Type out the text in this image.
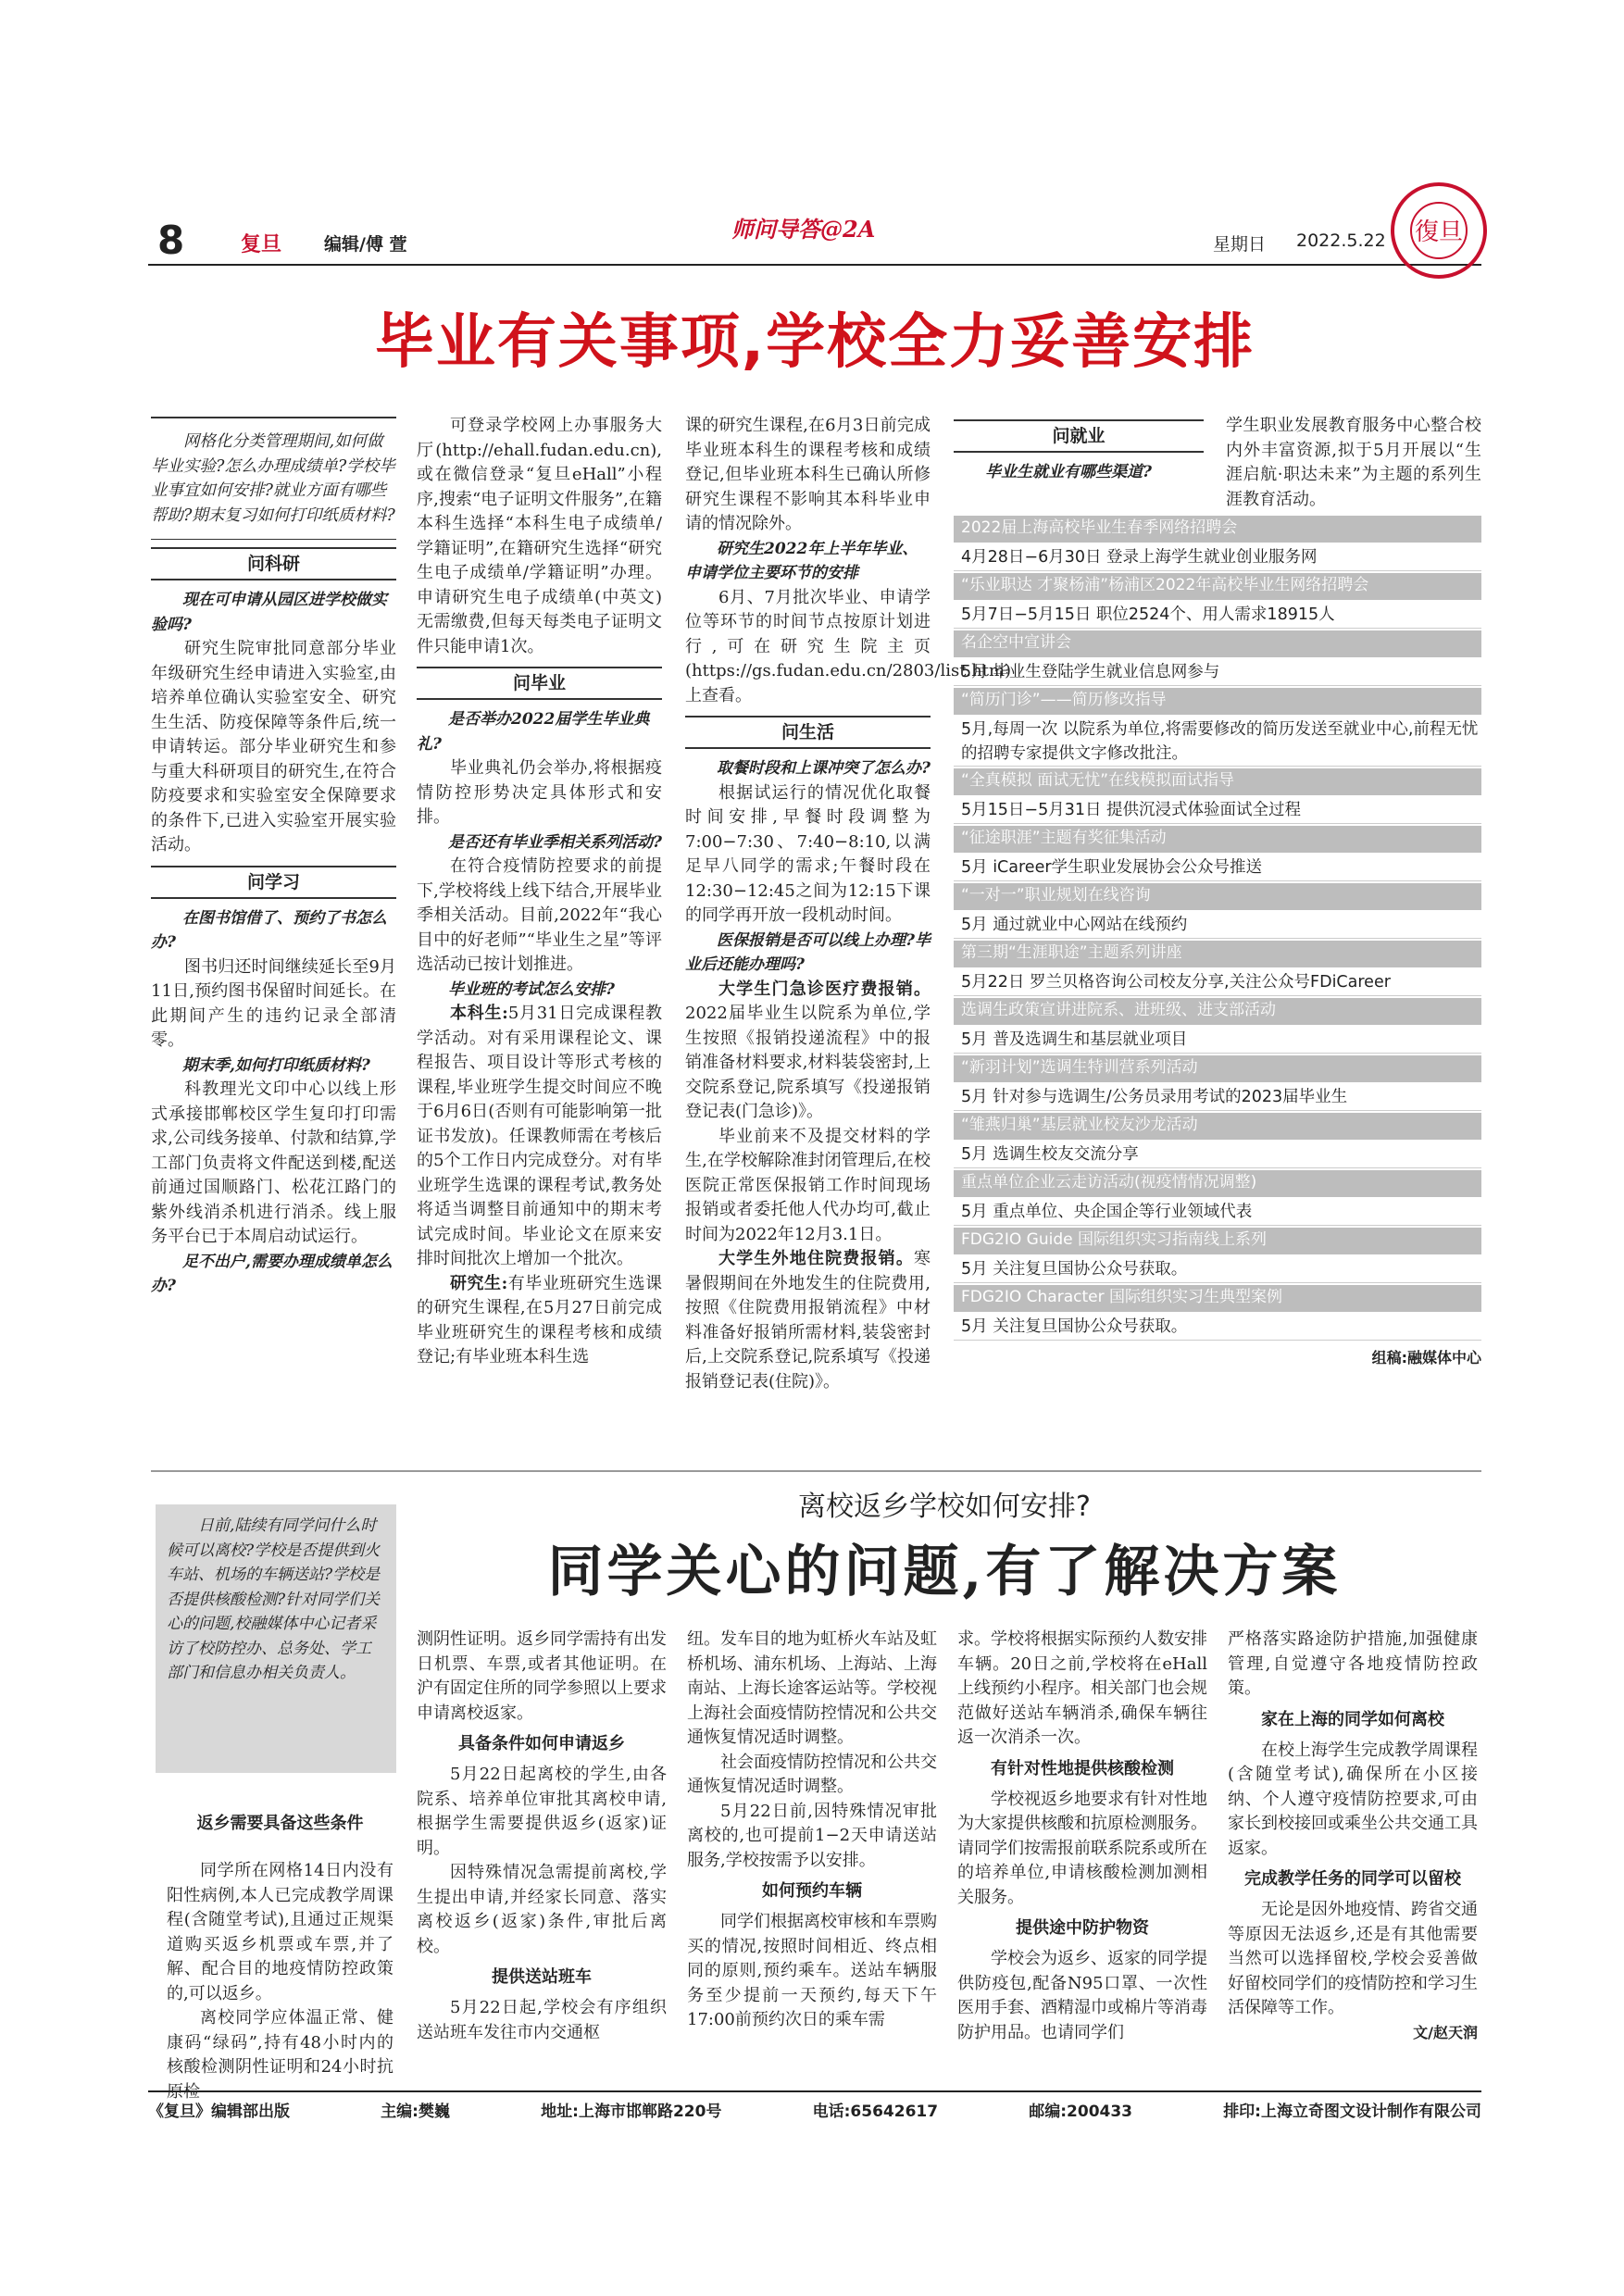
8	复旦 编辑/傅 萱	星期日 2022.5.22
师问导答@2A	復旦
毕业有关事项,学校全力妥善安排
网格化分类管理期间,如何做毕业实验?怎么办理成绩单?学校毕业事宜如何安排?就业方面有哪些帮助?期末复习如何打印纸质材料?
问科研
现在可申请从园区进学校做实验吗?
研究生院审批同意部分毕业年级研究生经申请进入实验室,由培养单位确认实验室安全、研究生生活、防疫保障等条件后,统一申请转运。部分毕业研究生和参与重大科研项目的研究生,在符合防疫要求和实验室安全保障要求的条件下,已进入实验室开展实验活动。
问学习
在图书馆借了、预约了书怎么办?
图书归还时间继续延长至9月11日,预约图书保留时间延长。在此期间产生的违约记录全部清零。
期末季,如何打印纸质材料?
科教理光文印中心以线上形式承接邯郸校区学生复印打印需求,公司线务接单、付款和结算,学工部门负责将文件配送到楼,配送前通过国顺路门、松花江路门的紫外线消杀机进行消杀。线上服务平台已于本周启动试运行。
足不出户,需要办理成绩单怎么办?
可登录学校网上办事服务大厅(http://ehall.fudan.edu.cn),或在微信登录“复旦eHall”小程序,搜索“电子证明文件服务”,在籍本科生选择“本科生电子成绩单/学籍证明”,在籍研究生选择“研究生电子成绩单/学籍证明”办理。申请研究生电子成绩单(中英文)无需缴费,但每天每类电子证明文件只能申请1次。
问毕业
是否举办2022届学生毕业典礼?
毕业典礼仍会举办,将根据疫情防控形势决定具体形式和安排。
是否还有毕业季相关系列活动?
在符合疫情防控要求的前提下,学校将线上线下结合,开展毕业季相关活动。目前,2022年“我心目中的好老师”“毕业生之星”等评选活动已按计划推进。
毕业班的考试怎么安排?
本科生:5月31日完成课程教学活动。对有采用课程论文、课程报告、项目设计等形式考核的课程,毕业班学生提交时间应不晚于6月6日(否则有可能影响第一批证书发放)。任课教师需在考核后的5个工作日内完成登分。对有毕业班学生选课的课程考试,教务处将适当调整目前通知中的期末考试完成时间。毕业论文在原来安排时间批次上增加一个批次。
研究生:有毕业班研究生选课的研究生课程,在5月27日前完成毕业班研究生的课程考核和成绩登记;有毕业班本科生选
课的研究生课程,在6月3日前完成毕业班本科生的课程考核和成绩登记,但毕业班本科生已确认所修研究生课程不影响其本科毕业申请的情况除外。
研究生2022年上半年毕业、申请学位主要环节的安排
6月、7月批次毕业、申请学位等环节的时间节点按原计划进行,可在研究生院主页(https://gs.fudan.edu.cn/2803/list.htm)上查看。
问生活
取餐时段和上课冲突了怎么办?
根据试运行的情况优化取餐时间安排,早餐时段调整为7:00−7:30、7:40−8:10,以满足早八同学的需求;午餐时段在12:30−12:45之间为12:15下课的同学再开放一段机动时间。
医保报销是否可以线上办理?毕业后还能办理吗?
大学生门急诊医疗费报销。2022届毕业生以院系为单位,学生按照《报销投递流程》中的报销准备材料要求,材料装袋密封,上交院系登记,院系填写《投递报销登记表(门急诊)》。
毕业前来不及提交材料的学生,在学校解除准封闭管理后,在校医院正常医保报销工作时间现场报销或者委托他人代办均可,截止时间为2022年12月3.1日。
大学生外地住院费报销。寒暑假期间在外地发生的住院费用,按照《住院费用报销流程》中材料准备好报销所需材料,装袋密封后,上交院系登记,院系填写《投递报销登记表(住院)》。
问就业
毕业生就业有哪些渠道?
学生职业发展教育服务中心整合校内外丰富资源,拟于5月开展以“生涯启航·职达未来”为主题的系列生涯教育活动。
2022届上海高校毕业生春季网络招聘会
4月28日−6月30日 登录上海学生就业创业服务网
“乐业职达 才聚杨浦”杨浦区2022年高校毕业生网络招聘会
5月7日−5月15日 职位2524个、用人需求18915人
名企空中宣讲会
5月 毕业生登陆学生就业信息网参与
“简历门诊”——简历修改指导
5月,每周一次 以院系为单位,将需要修改的简历发送至就业中心,前程无忧的招聘专家提供文字修改批注。
“全真模拟 面试无忧”在线模拟面试指导
5月15日−5月31日 提供沉浸式体验面试全过程
“征途职涯”主题有奖征集活动
5月 iCareer学生职业发展协会公众号推送
“一对一”职业规划在线咨询
5月 通过就业中心网站在线预约
第三期“生涯职途”主题系列讲座
5月22日 罗兰贝格咨询公司校友分享,关注公众号FDiCareer
选调生政策宣讲进院系、进班级、进支部活动
5月 普及选调生和基层就业项目
“新羽计划”选调生特训营系列活动
5月 针对参与选调生/公务员录用考试的2023届毕业生
“雏燕归巢”基层就业校友沙龙活动
5月 选调生校友交流分享
重点单位企业云走访活动(视疫情情况调整)
5月 重点单位、央企国企等行业领域代表
FDG2IO Guide 国际组织实习指南线上系列
5月 关注复旦国协公众号获取。
FDG2IO Character 国际组织实习生典型案例
5月 关注复旦国协公众号获取。
组稿:融媒体中心
日前,陆续有同学问什么时候可以离校?学校是否提供到火车站、机场的车辆送站?学校是否提供核酸检测?针对同学们关心的问题,校融媒体中心记者采访了校防控办、总务处、学工部门和信息办相关负责人。
离校返乡学校如何安排?
同学关心的问题,有了解决方案
返乡需要具备这些条件
同学所在网格14日内没有阳性病例,本人已完成教学周课程(含随堂考试),且通过正规渠道购买返乡机票或车票,并了解、配合目的地疫情防控政策的,可以返乡。
离校同学应体温正常、健康码“绿码”,持有48小时内的核酸检测阴性证明和24小时抗原检
测阴性证明。返乡同学需持有出发日机票、车票,或者其他证明。在沪有固定住所的同学参照以上要求申请离校返家。
具备条件如何申请返乡
5月22日起离校的学生,由各院系、培养单位审批其离校申请,根据学生需要提供返乡(返家)证明。
因特殊情况急需提前离校,学生提出申请,并经家长同意、落实离校返乡(返家)条件,审批后离校。
提供送站班车
5月22日起,学校会有序组织送站班车发往市内交通枢
纽。发车目的地为虹桥火车站及虹桥机场、浦东机场、上海站、上海南站、上海长途客运站等。学校视上海社会面疫情防控情况和公共交通恢复情况适时调整。
社会面疫情防控情况和公共交通恢复情况适时调整。
5月22日前,因特殊情况审批离校的,也可提前1−2天申请送站服务,学校按需予以安排。
如何预约车辆
同学们根据离校审核和车票购买的情况,按照时间相近、终点相同的原则,预约乘车。送站车辆服务至少提前一天预约,每天下午17:00前预约次日的乘车需
求。学校将根据实际预约人数安排车辆。20日之前,学校将在eHall上线预约小程序。相关部门也会规范做好送站车辆消杀,确保车辆往返一次消杀一次。
有针对性地提供核酸检测
学校视返乡地要求有针对性地为大家提供核酸和抗原检测服务。请同学们按需报前联系院系或所在的培养单位,申请核酸检测加测相关服务。
提供途中防护物资
学校会为返乡、返家的同学提供防疫包,配备N95口罩、一次性医用手套、酒精湿巾或棉片等消毒防护用品。也请同学们
严格落实路途防护措施,加强健康管理,自觉遵守各地疫情防控政策。
家在上海的同学如何离校
在校上海学生完成教学周课程(含随堂考试),确保所在小区接纳、个人遵守疫情防控要求,可由家长到校接回或乘坐公共交通工具返家。
完成教学任务的同学可以留校
无论是因外地疫情、跨省交通等原因无法返乡,还是有其他需要当然可以选择留校,学校会妥善做好留校同学们的疫情防控和学习生活保障等工作。
文/赵天润
《复旦》编辑部出版	主编:樊巍	地址:上海市邯郸路220号	电话:65642617	邮编:200433	排印:上海立奇图文设计制作有限公司
